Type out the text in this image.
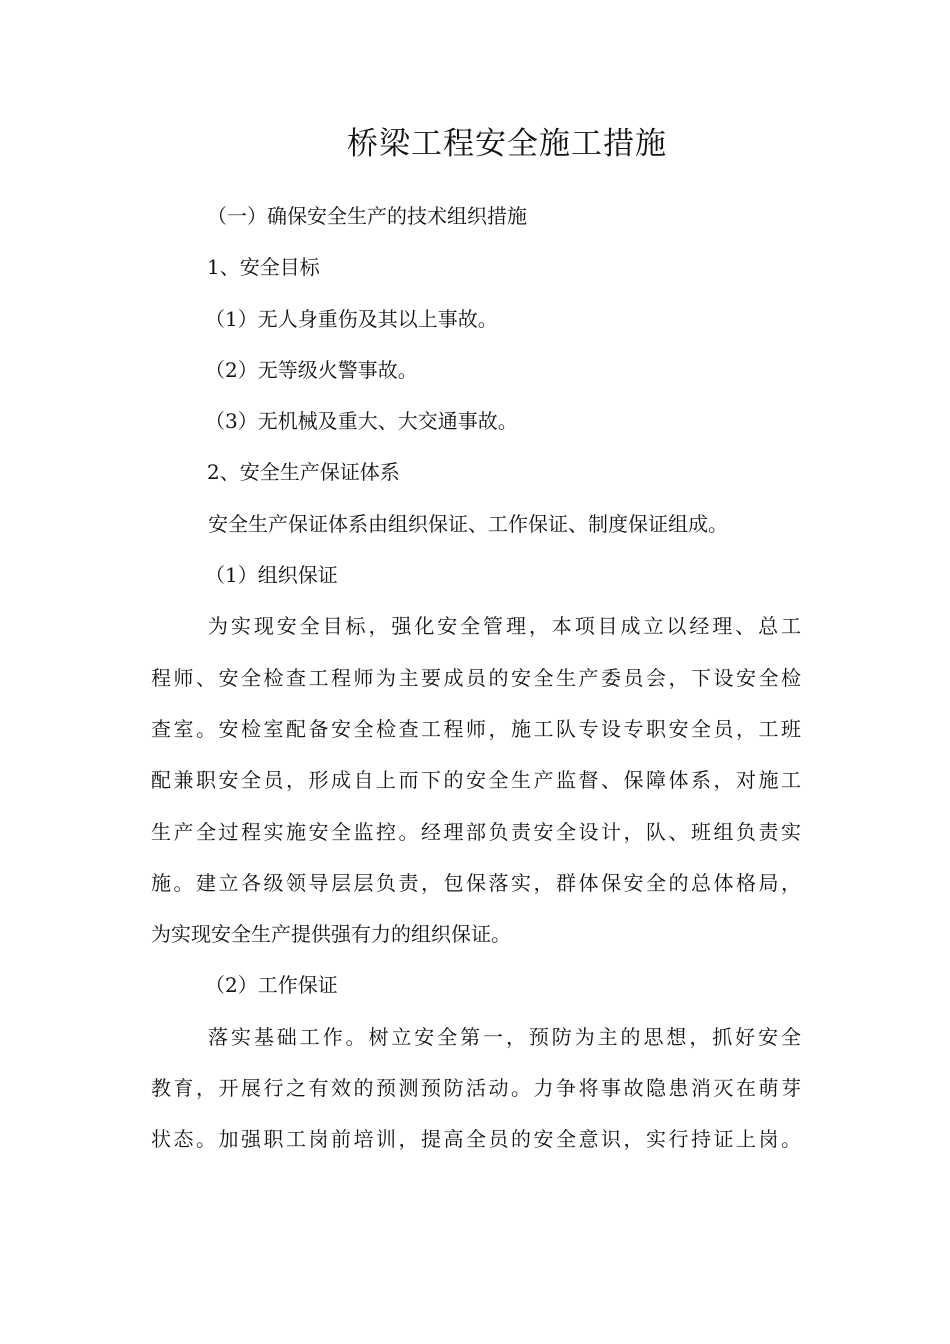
桥梁工程安全施工措施
（一）确保安全生产的技术组织措施
1、安全目标
（1）无人身重伤及其以上事故。
（2）无等级火警事故。
（3）无机械及重大、大交通事故。
2、安全生产保证体系
安全生产保证体系由组织保证、工作保证、制度保证组成。
（1）组织保证
为实现安全目标，强化安全管理，本项目成立以经理、总工
程师、安全检查工程师为主要成员的安全生产委员会，下设安全检
查室。安检室配备安全检查工程师，施工队专设专职安全员，工班
配兼职安全员，形成自上而下的安全生产监督、保障体系，对施工
生产全过程实施安全监控。经理部负责安全设计，队、班组负责实
施。建立各级领导层层负责，包保落实，群体保安全的总体格局，
为实现安全生产提供强有力的组织保证。
（2）工作保证
落实基础工作。树立安全第一，预防为主的思想，抓好安全
教育，开展行之有效的预测预防活动。力争将事故隐患消灭在萌芽
状态。加强职工岗前培训，提高全员的安全意识，实行持证上岗。
